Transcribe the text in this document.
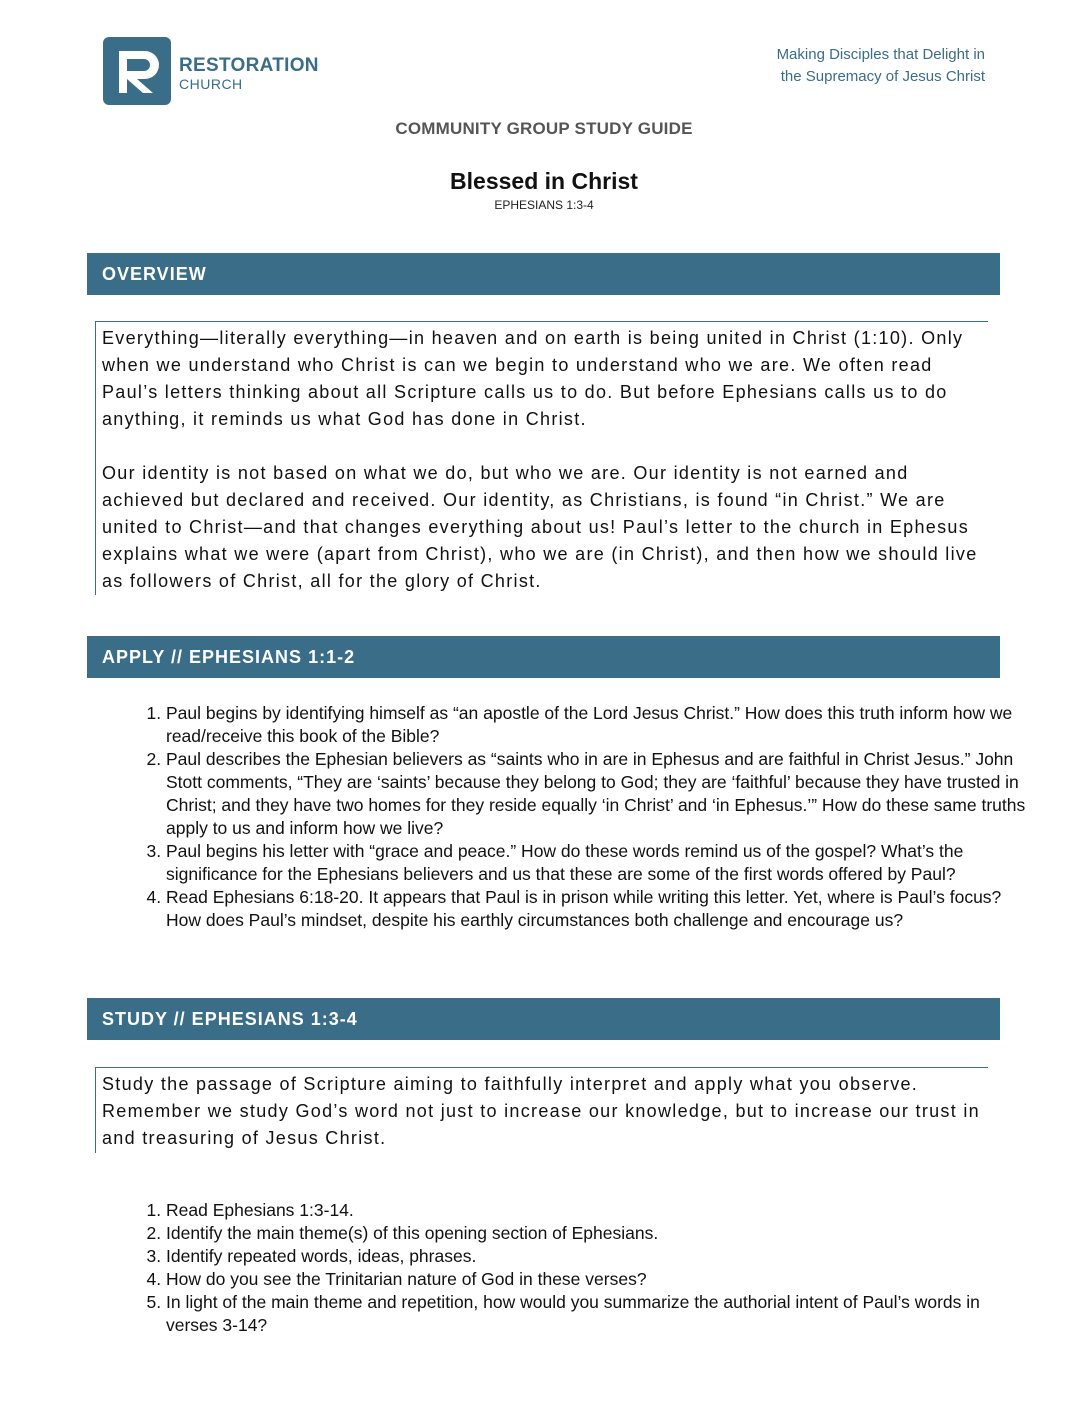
RESTORATION
CHURCH
Making Disciples that Delight in
the Supremacy of Jesus Christ
COMMUNITY GROUP STUDY GUIDE
Blessed in Christ
EPHESIANS 1:3-4
OVERVIEW

Everything—literally everything—in heaven and on earth is being united in Christ (1:10). Only when we understand who Christ is can we begin to understand who we are. We often read Paul’s letters thinking about all Scripture calls us to do. But before Ephesians calls us to do anything, it reminds us what God has done in Christ.

Our identity is not based on what we do, but who we are. Our identity is not earned and achieved but declared and received. Our identity, as Christians, is found “in Christ.” We are united to Christ—and that changes everything about us! Paul’s letter to the church in Ephesus explains what we were (apart from Christ), who we are (in Christ), and then how we should live as followers of Christ, all for the glory of Christ.

APPLY // EPHESIANS 1:1-2
1. Paul begins by identifying himself as “an apostle of the Lord Jesus Christ.” How does this truth inform how we read/receive this book of the Bible?
2. Paul describes the Ephesian believers as “saints who in are in Ephesus and are faithful in Christ Jesus.” John Stott comments, “They are ‘saints’ because they belong to God; they are ‘faithful’ because they have trusted in Christ; and they have two homes for they reside equally ‘in Christ’ and ‘in Ephesus.’” How do these same truths apply to us and inform how we live?
3. Paul begins his letter with “grace and peace.” How do these words remind us of the gospel? What’s the significance for the Ephesians believers and us that these are some of the first words offered by Paul?
4. Read Ephesians 6:18-20. It appears that Paul is in prison while writing this letter. Yet, where is Paul’s focus? How does Paul’s mindset, despite his earthly circumstances both challenge and encourage us?
STUDY // EPHESIANS 1:3-4

Study the passage of Scripture aiming to faithfully interpret and apply what you observe. Remember we study God’s word not just to increase our knowledge, but to increase our trust in and treasuring of Jesus Christ.

1. Read Ephesians 1:3-14.
2. Identify the main theme(s) of this opening section of Ephesians.
3. Identify repeated words, ideas, phrases.
4. How do you see the Trinitarian nature of God in these verses?
5. In light of the main theme and repetition, how would you summarize the authorial intent of Paul’s words in verses 3-14?
